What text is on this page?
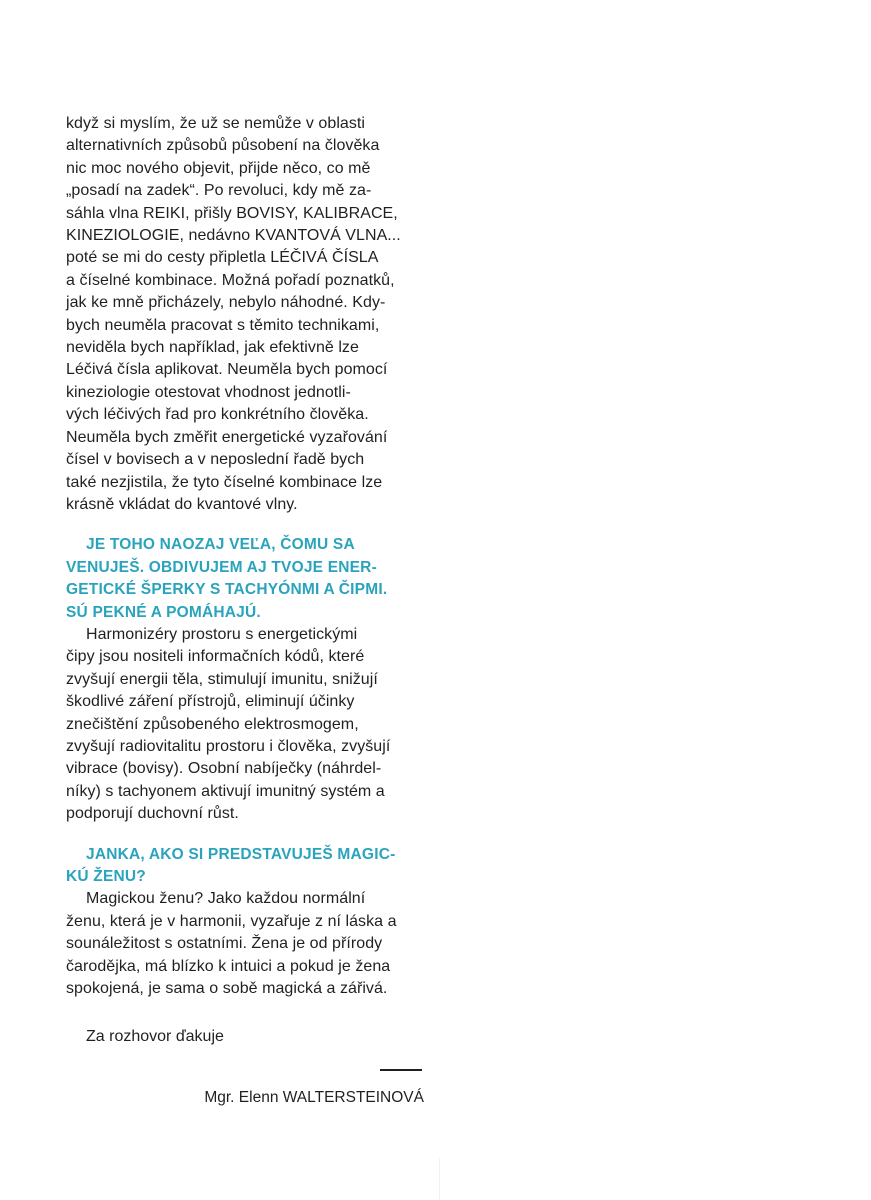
když si myslím, že už se nemůže v oblasti
alternativních způsobů působení na člověka
nic moc nového objevit, přijde něco, co mě
„posadí na zadek“. Po revoluci, kdy mě za-
sáhla vlna REIKI, přišly BOVISY, KALIBRACE,
KINEZIOLOGIE, nedávno KVANTOVÁ VLNA...
poté se mi do cesty připletla LÉČIVÁ ČÍSLA
a číselné kombinace. Možná pořadí poznatků,
jak ke mně přicházely, nebylo náhodné. Kdy-
bych neuměla pracovat s těmito technikami,
neviděla bych například, jak efektivně lze
Léčivá čísla aplikovat. Neuměla bych pomocí
kineziologie otestovat vhodnost jednotli-
vých léčivých řad pro konkrétního člověka.
Neuměla bych změřit energetické vyzařování
čísel v bovisech a v neposlední řadě bych
také nezjistila, že tyto číselné kombinace lze
krásně vkládat do kvantové vlny.
JE TOHO NAOZAJ VEĽA, ČOMU SA
VENUJEŠ. OBDIVUJEM AJ TVOJE ENER-
GETICKÉ ŠPERKY S TACHYÓNMI A ČIPMI.
SÚ PEKNÉ A POMÁHAJÚ.
Harmonizéry prostoru s energetickými
čipy jsou nositeli informačních kódů, které
zvyšují energii těla, stimulují imunitu, snižují
škodlivé záření přístrojů, eliminují účinky
znečištění způsobeného elektrosmogem,
zvyšují radiovitalitu prostoru i člověka, zvyšují
vibrace (bovisy). Osobní nabíječky (náhrdel-
níky) s tachyonem aktivují imunitný systém a
podporují duchovní růst.
JANKA, AKO SI PREDSTAVUJEŠ MAGIC-
KÚ ŽENU?
Magickou ženu? Jako každou normální
ženu, která je v harmonii, vyzařuje z ní láska a
sounáležitost s ostatními. Žena je od přírody
čarodějka, má blízko k intuici a pokud je žena
spokojená, je sama o sobě magická a zářivá.
Za rozhovor ďakuje
Mgr. Elenn WALTERSTEINOVÁ
